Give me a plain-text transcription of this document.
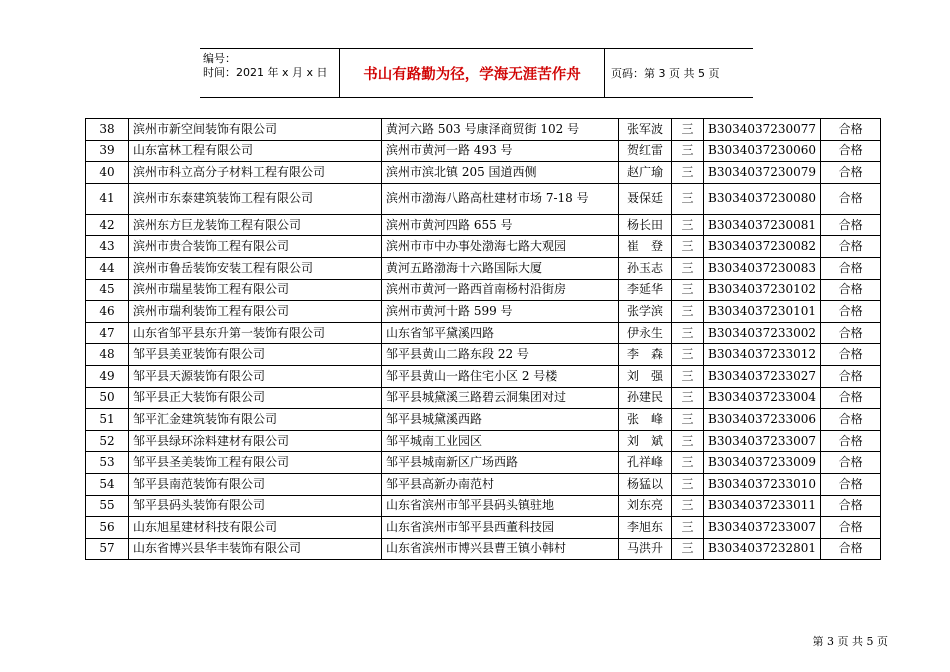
编号：
时间：2021 年 x 月 x 日	书山有路勤为径，学海无涯苦作舟	页码：第 3 页 共 5 页
38	滨州市新空间装饰有限公司	黄河六路 503 号康泽商贸街 102 号	张军波	三	B3034037230077	合格
39	山东富林工程有限公司	滨州市黄河一路 493 号	贺红雷	三	B3034037230060	合格
40	滨州市科立高分子材料工程有限公司	滨州市滨北镇 205 国道西侧	赵广瑜	三	B3034037230079	合格
41	滨州市东泰建筑装饰工程有限公司	滨州市渤海八路高杜建材市场 7-18 号	聂保廷	三	B3034037230080	合格
42	滨州东方巨龙装饰工程有限公司	滨州市黄河四路 655 号	杨长田	三	B3034037230081	合格
43	滨州市贵合装饰工程有限公司	滨州市市中办事处渤海七路大观园	崔　登	三	B3034037230082	合格
44	滨州市鲁岳装饰安装工程有限公司	黄河五路渤海十六路国际大厦	孙玉志	三	B3034037230083	合格
45	滨州市瑞星装饰工程有限公司	滨州市黄河一路西首南杨村沿街房	李延华	三	B3034037230102	合格
46	滨州市瑞利装饰工程有限公司	滨州市黄河十路 599 号	张学滨	三	B3034037230101	合格
47	山东省邹平县东升第一装饰有限公司	山东省邹平黛溪四路	伊永生	三	B3034037233002	合格
48	邹平县美亚装饰有限公司	邹平县黄山二路东段 22 号	李　森	三	B3034037233012	合格
49	邹平县天源装饰有限公司	邹平县黄山一路住宅小区 2 号楼	刘　强	三	B3034037233027	合格
50	邹平县正大装饰有限公司	邹平县城黛溪三路碧云洞集团对过	孙建民	三	B3034037233004	合格
51	邹平汇金建筑装饰有限公司	邹平县城黛溪西路	张　峰	三	B3034037233006	合格
52	邹平县绿环涂料建材有限公司	邹平城南工业园区	刘　斌	三	B3034037233007	合格
53	邹平县圣美装饰工程有限公司	邹平县城南新区广场西路	孔祥峰	三	B3034037233009	合格
54	邹平县南范装饰有限公司	邹平县高新办南范村	杨猛以	三	B3034037233010	合格
55	邹平县码头装饰有限公司	山东省滨州市邹平县码头镇驻地	刘东亮	三	B3034037233011	合格
56	山东旭星建材科技有限公司	山东省滨州市邹平县西董科技园	李旭东	三	B3034037233007	合格
57	山东省博兴县华丰装饰有限公司	山东省滨州市博兴县曹王镇小韩村	马洪升	三	B3034037232801	合格
第 3 页 共 5 页
